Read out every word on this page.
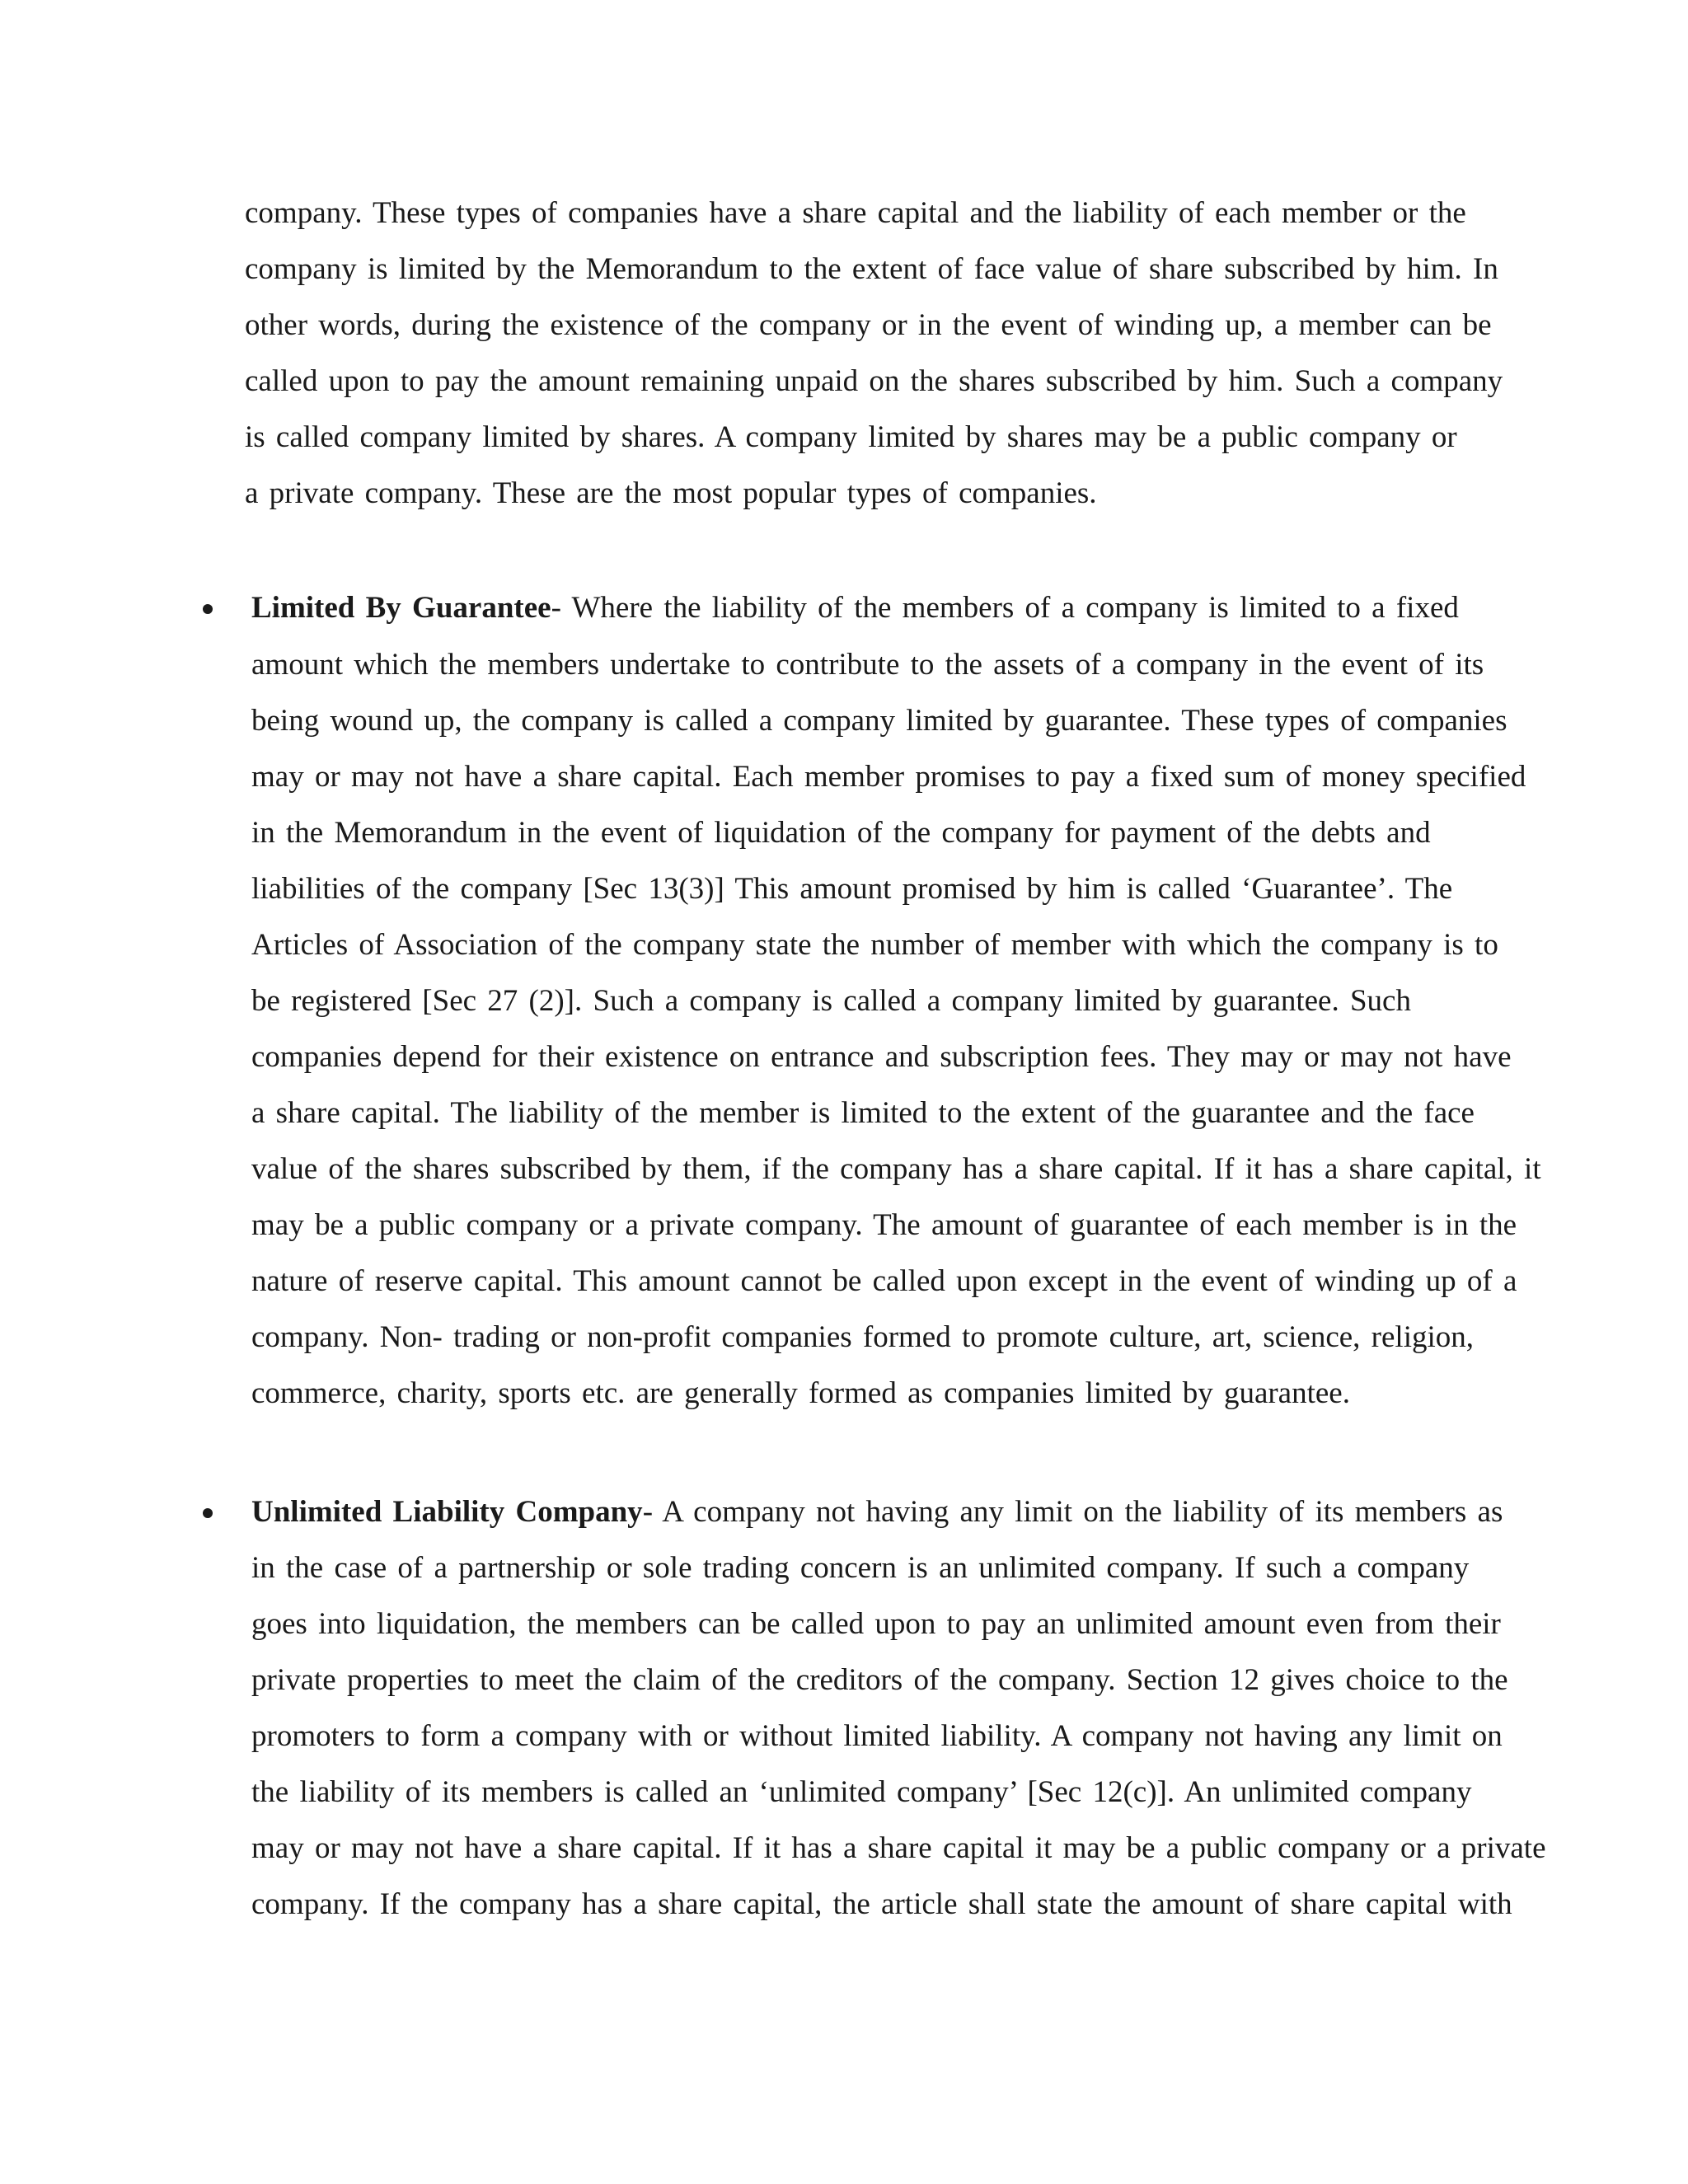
company. These types of companies have a share capital and the liability of each member or the
company is limited by the Memorandum to the extent of face value of share subscribed by him. In
other words, during the existence of the company or in the event of winding up, a member can be
called upon to pay the amount remaining unpaid on the shares subscribed by him. Such a company
is called company limited by shares. A company limited by shares may be a public company or
a private company. These are the most popular types of companies.
Limited By Guarantee- Where the liability of the members of a company is limited to a fixed
amount which the members undertake to contribute to the assets of a company in the event of its
being wound up, the company is called a company limited by guarantee. These types of companies
may or may not have a share capital. Each member promises to pay a fixed sum of money specified
in the Memorandum in the event of liquidation of the company for payment of the debts and
liabilities of the company [Sec 13(3)] This amount promised by him is called ‘Guarantee’. The
Articles of Association of the company state the number of member with which the company is to
be registered [Sec 27 (2)]. Such a company is called a company limited by guarantee. Such
companies depend for their existence on entrance and subscription fees. They may or may not have
a share capital. The liability of the member is limited to the extent of the guarantee and the face
value of the shares subscribed by them, if the company has a share capital. If it has a share capital, it
may be a public company or a private company. The amount of guarantee of each member is in the
nature of reserve capital. This amount cannot be called upon except in the event of winding up of a
company. Non- trading or non-profit companies formed to promote culture, art, science, religion,
commerce, charity, sports etc. are generally formed as companies limited by guarantee.
Unlimited Liability Company- A company not having any limit on the liability of its members as
in the case of a partnership or sole trading concern is an unlimited company. If such a company
goes into liquidation, the members can be called upon to pay an unlimited amount even from their
private properties to meet the claim of the creditors of the company. Section 12 gives choice to the
promoters to form a company with or without limited liability. A company not having any limit on
the liability of its members is called an ‘unlimited company’ [Sec 12(c)]. An unlimited company
may or may not have a share capital. If it has a share capital it may be a public company or a private
company. If the company has a share capital, the article shall state the amount of share capital with
